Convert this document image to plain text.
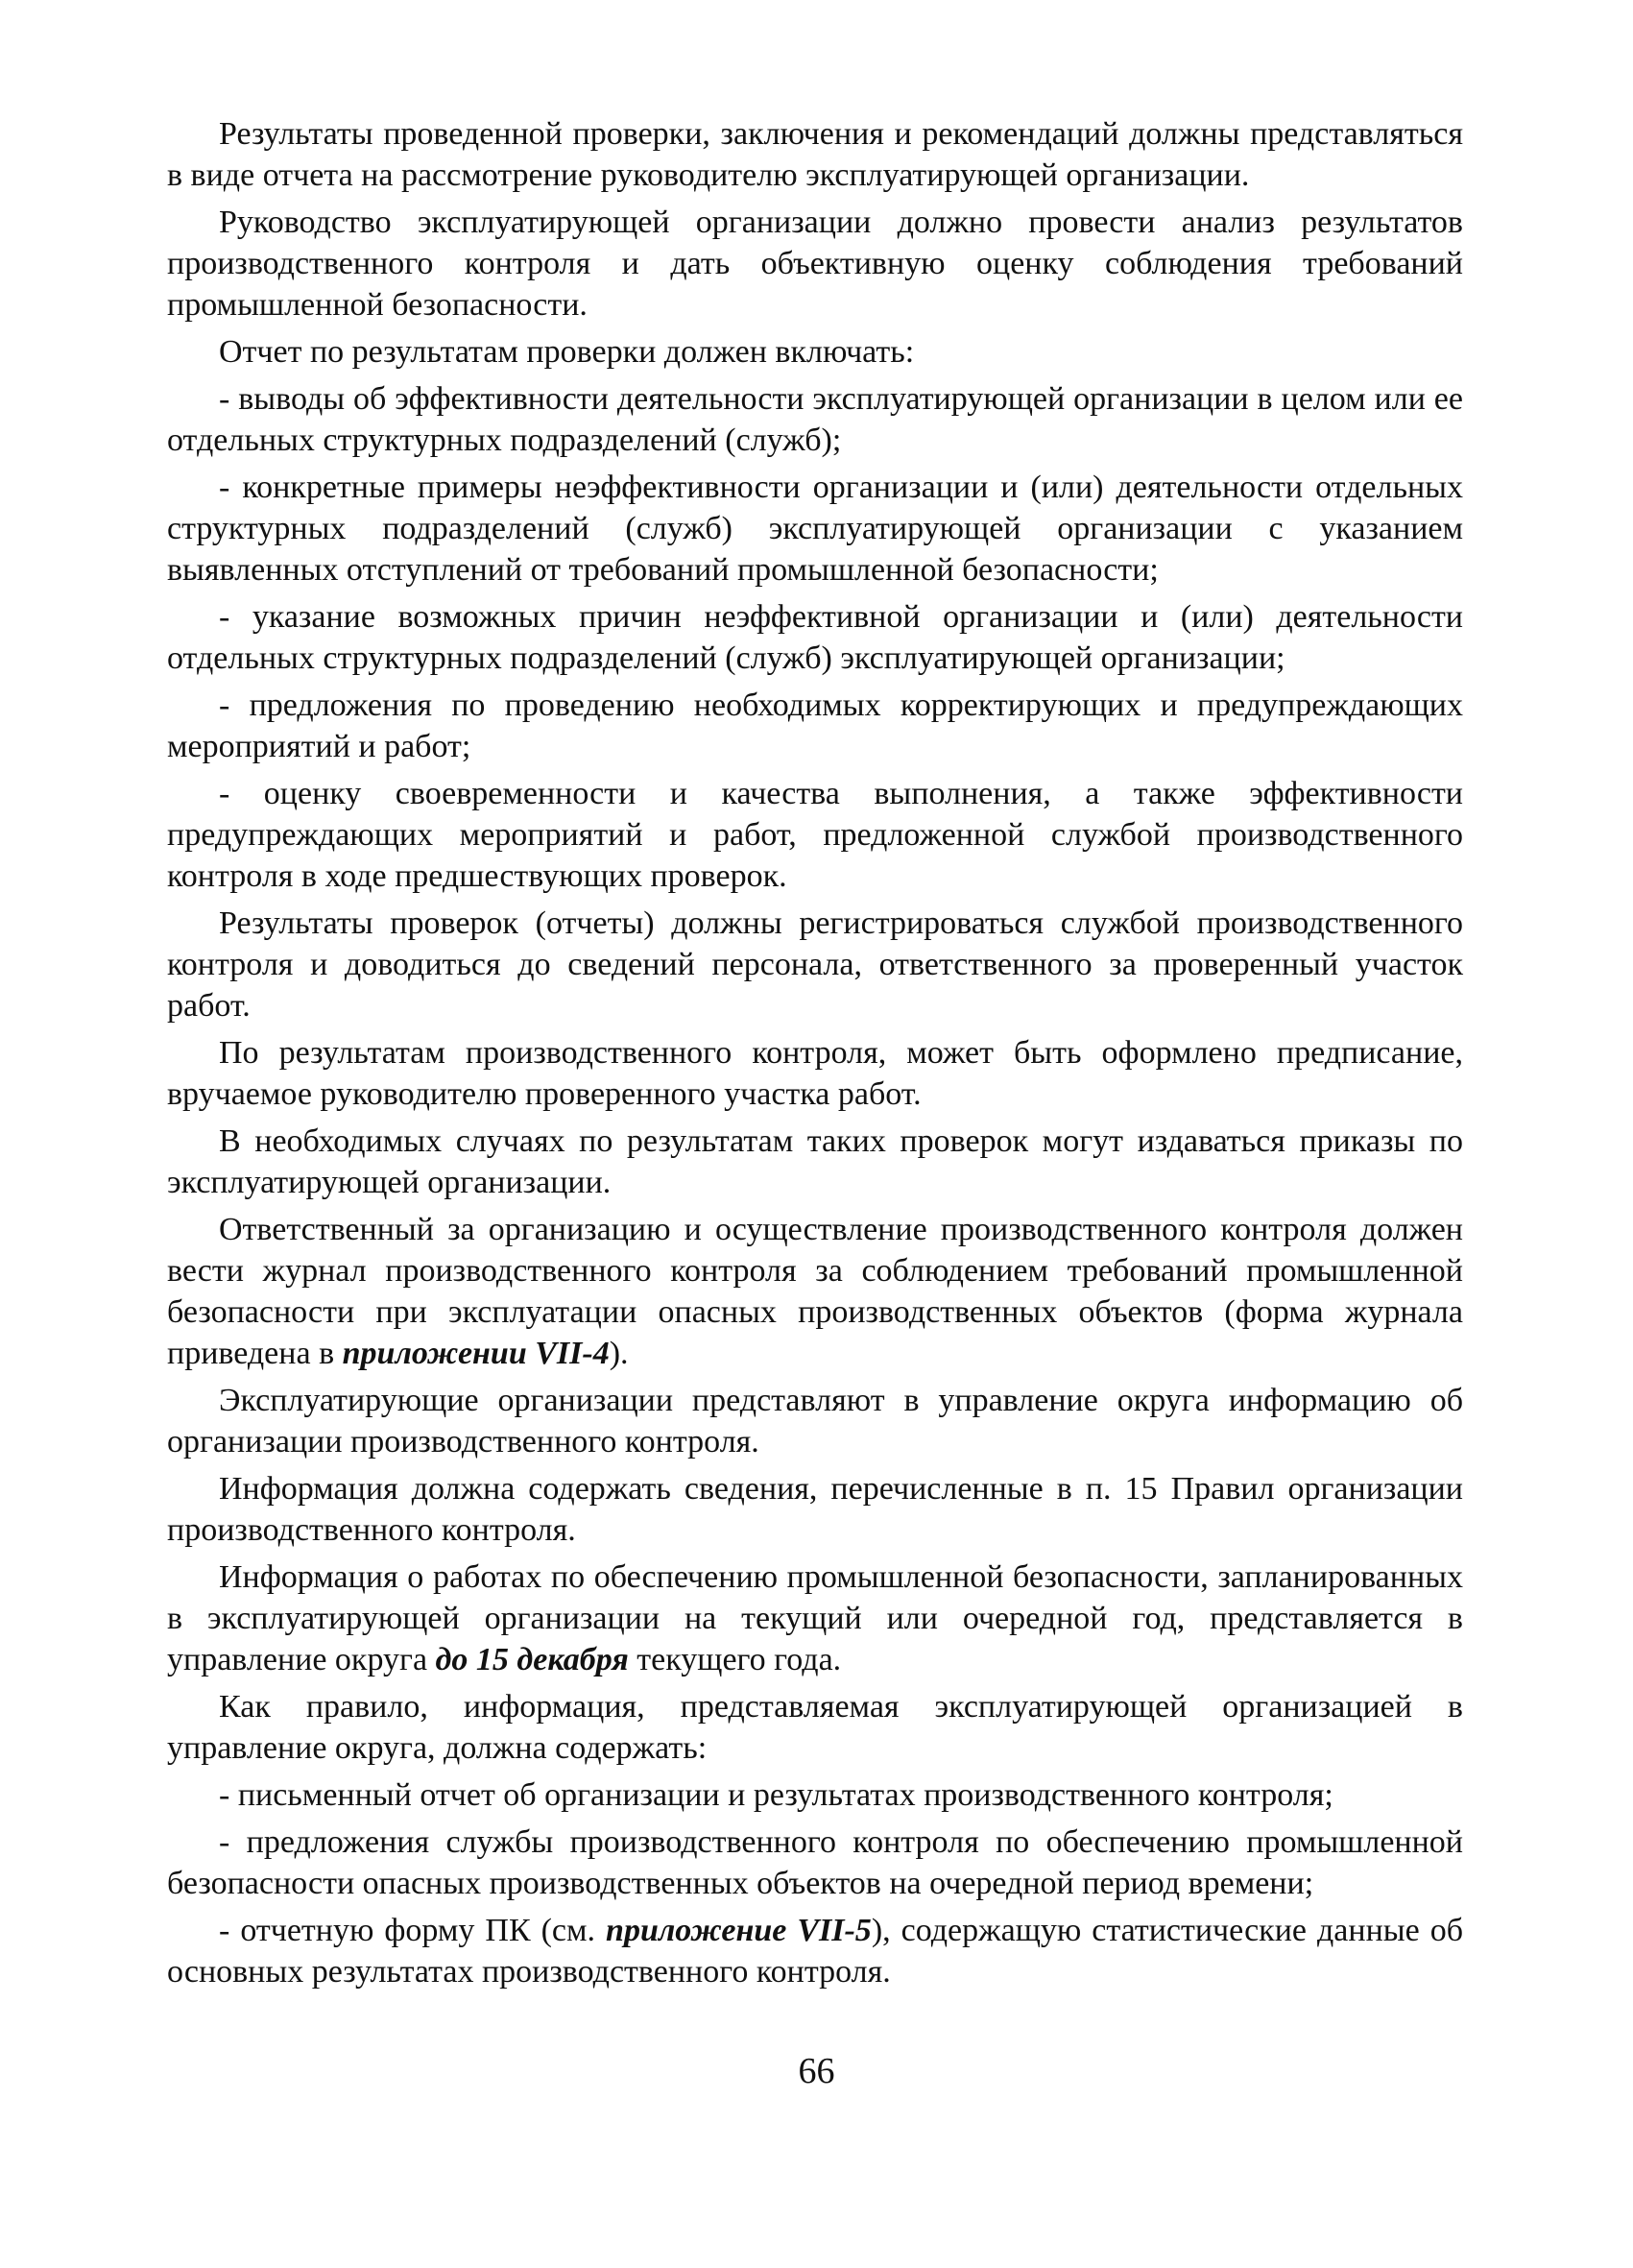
Результаты проведенной проверки, заключения и рекомендаций должны представляться в виде отчета на рассмотрение руководителю эксплуатирующей организации.

Руководство эксплуатирующей организации должно провести анализ результатов производственного контроля и дать объективную оценку соблюдения требований промышленной безопасности.

Отчет по результатам проверки должен включать:

- выводы об эффективности деятельности эксплуатирующей организации в целом или ее отдельных структурных подразделений (служб);

- конкретные примеры неэффективности организации и (или) деятельности отдельных структурных подразделений (служб) эксплуатирующей организации с указанием выявленных отступлений от требований промышленной безопасности;

- указание возможных причин неэффективной организации и (или) деятельности отдельных структурных подразделений (служб) эксплуатирующей организации;

- предложения по проведению необходимых корректирующих и предупреждающих мероприятий и работ;

- оценку своевременности и качества выполнения, а также эффективности предупреждающих мероприятий и работ, предложенной службой производственного контроля в ходе предшествующих проверок.

Результаты проверок (отчеты) должны регистрироваться службой производственного контроля и доводиться до сведений персонала, ответственного за проверенный участок работ.

По результатам производственного контроля, может быть оформлено предписание, вручаемое руководителю проверенного участка работ.

В необходимых случаях по результатам таких проверок могут издаваться приказы по эксплуатирующей организации.

Ответственный за организацию и осуществление производственного контроля должен вести журнал производственного контроля за соблюдением требований промышленной безопасности при эксплуатации опасных производственных объектов (форма журнала приведена в приложении VII-4).

Эксплуатирующие организации представляют в управление округа информацию об организации производственного контроля.

Информация должна содержать сведения, перечисленные в п. 15 Правил организации производственного контроля.

Информация о работах по обеспечению промышленной безопасности, запланированных в эксплуатирующей организации на текущий или очередной год, представляется в управление округа до 15 декабря текущего года.

Как правило, информация, представляемая эксплуатирующей организацией в управление округа, должна содержать:

- письменный отчет об организации и результатах производственного контроля;

- предложения службы производственного контроля по обеспечению промышленной безопасности опасных производственных объектов на очередной период времени;

- отчетную форму ПК (см. приложение VII-5), содержащую статистические данные об основных результатах производственного контроля.

66
